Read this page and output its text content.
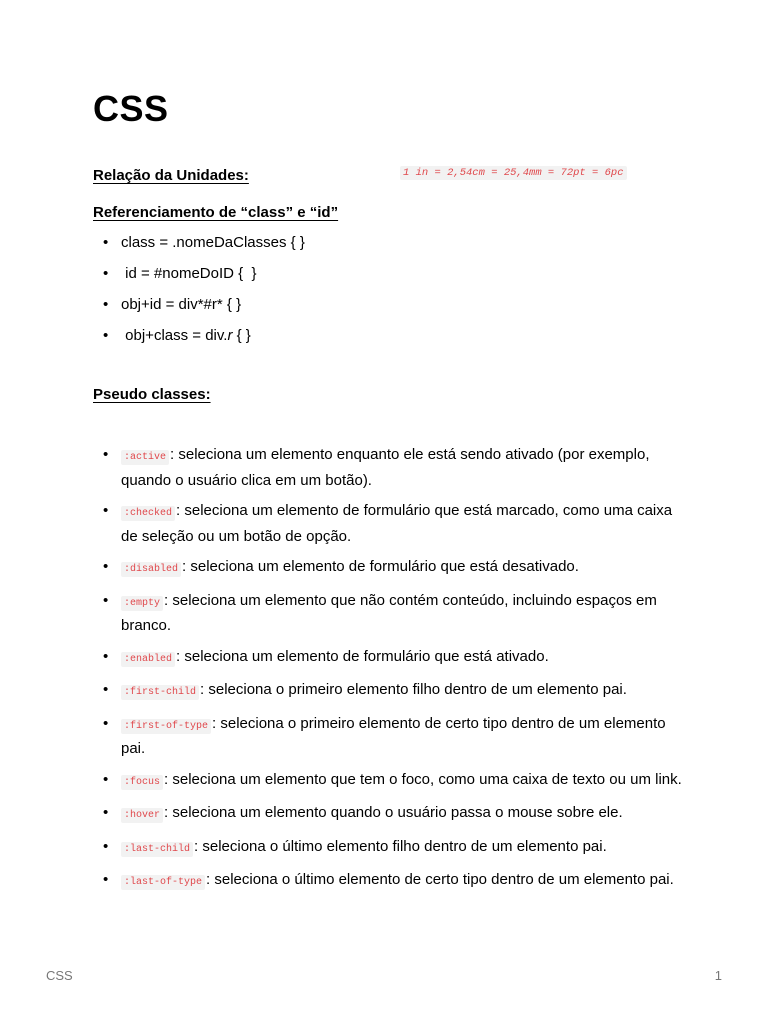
CSS
Relação da Unidades:	1 in = 2,54cm = 25,4mm = 72pt = 6pc
Referenciamento de “class” e “id”
• class = .nomeDaClasses { }
• id = #nomeDoID {  }
• obj+id = div*#r* { }
• obj+class = div.r { }
Pseudo classes:
• :active : seleciona um elemento enquanto ele está sendo ativado (por exemplo, quando o usuário clica em um botão).
• :checked : seleciona um elemento de formulário que está marcado, como uma caixa de seleção ou um botão de opção.
• :disabled : seleciona um elemento de formulário que está desativado.
• :empty : seleciona um elemento que não contém conteúdo, incluindo espaços em branco.
• :enabled : seleciona um elemento de formulário que está ativado.
• :first-child : seleciona o primeiro elemento filho dentro de um elemento pai.
• :first-of-type : seleciona o primeiro elemento de certo tipo dentro de um elemento pai.
• :focus : seleciona um elemento que tem o foco, como uma caixa de texto ou um link.
• :hover : seleciona um elemento quando o usuário passa o mouse sobre ele.
• :last-child : seleciona o último elemento filho dentro de um elemento pai.
• :last-of-type : seleciona o último elemento de certo tipo dentro de um elemento pai.
CSS	1
